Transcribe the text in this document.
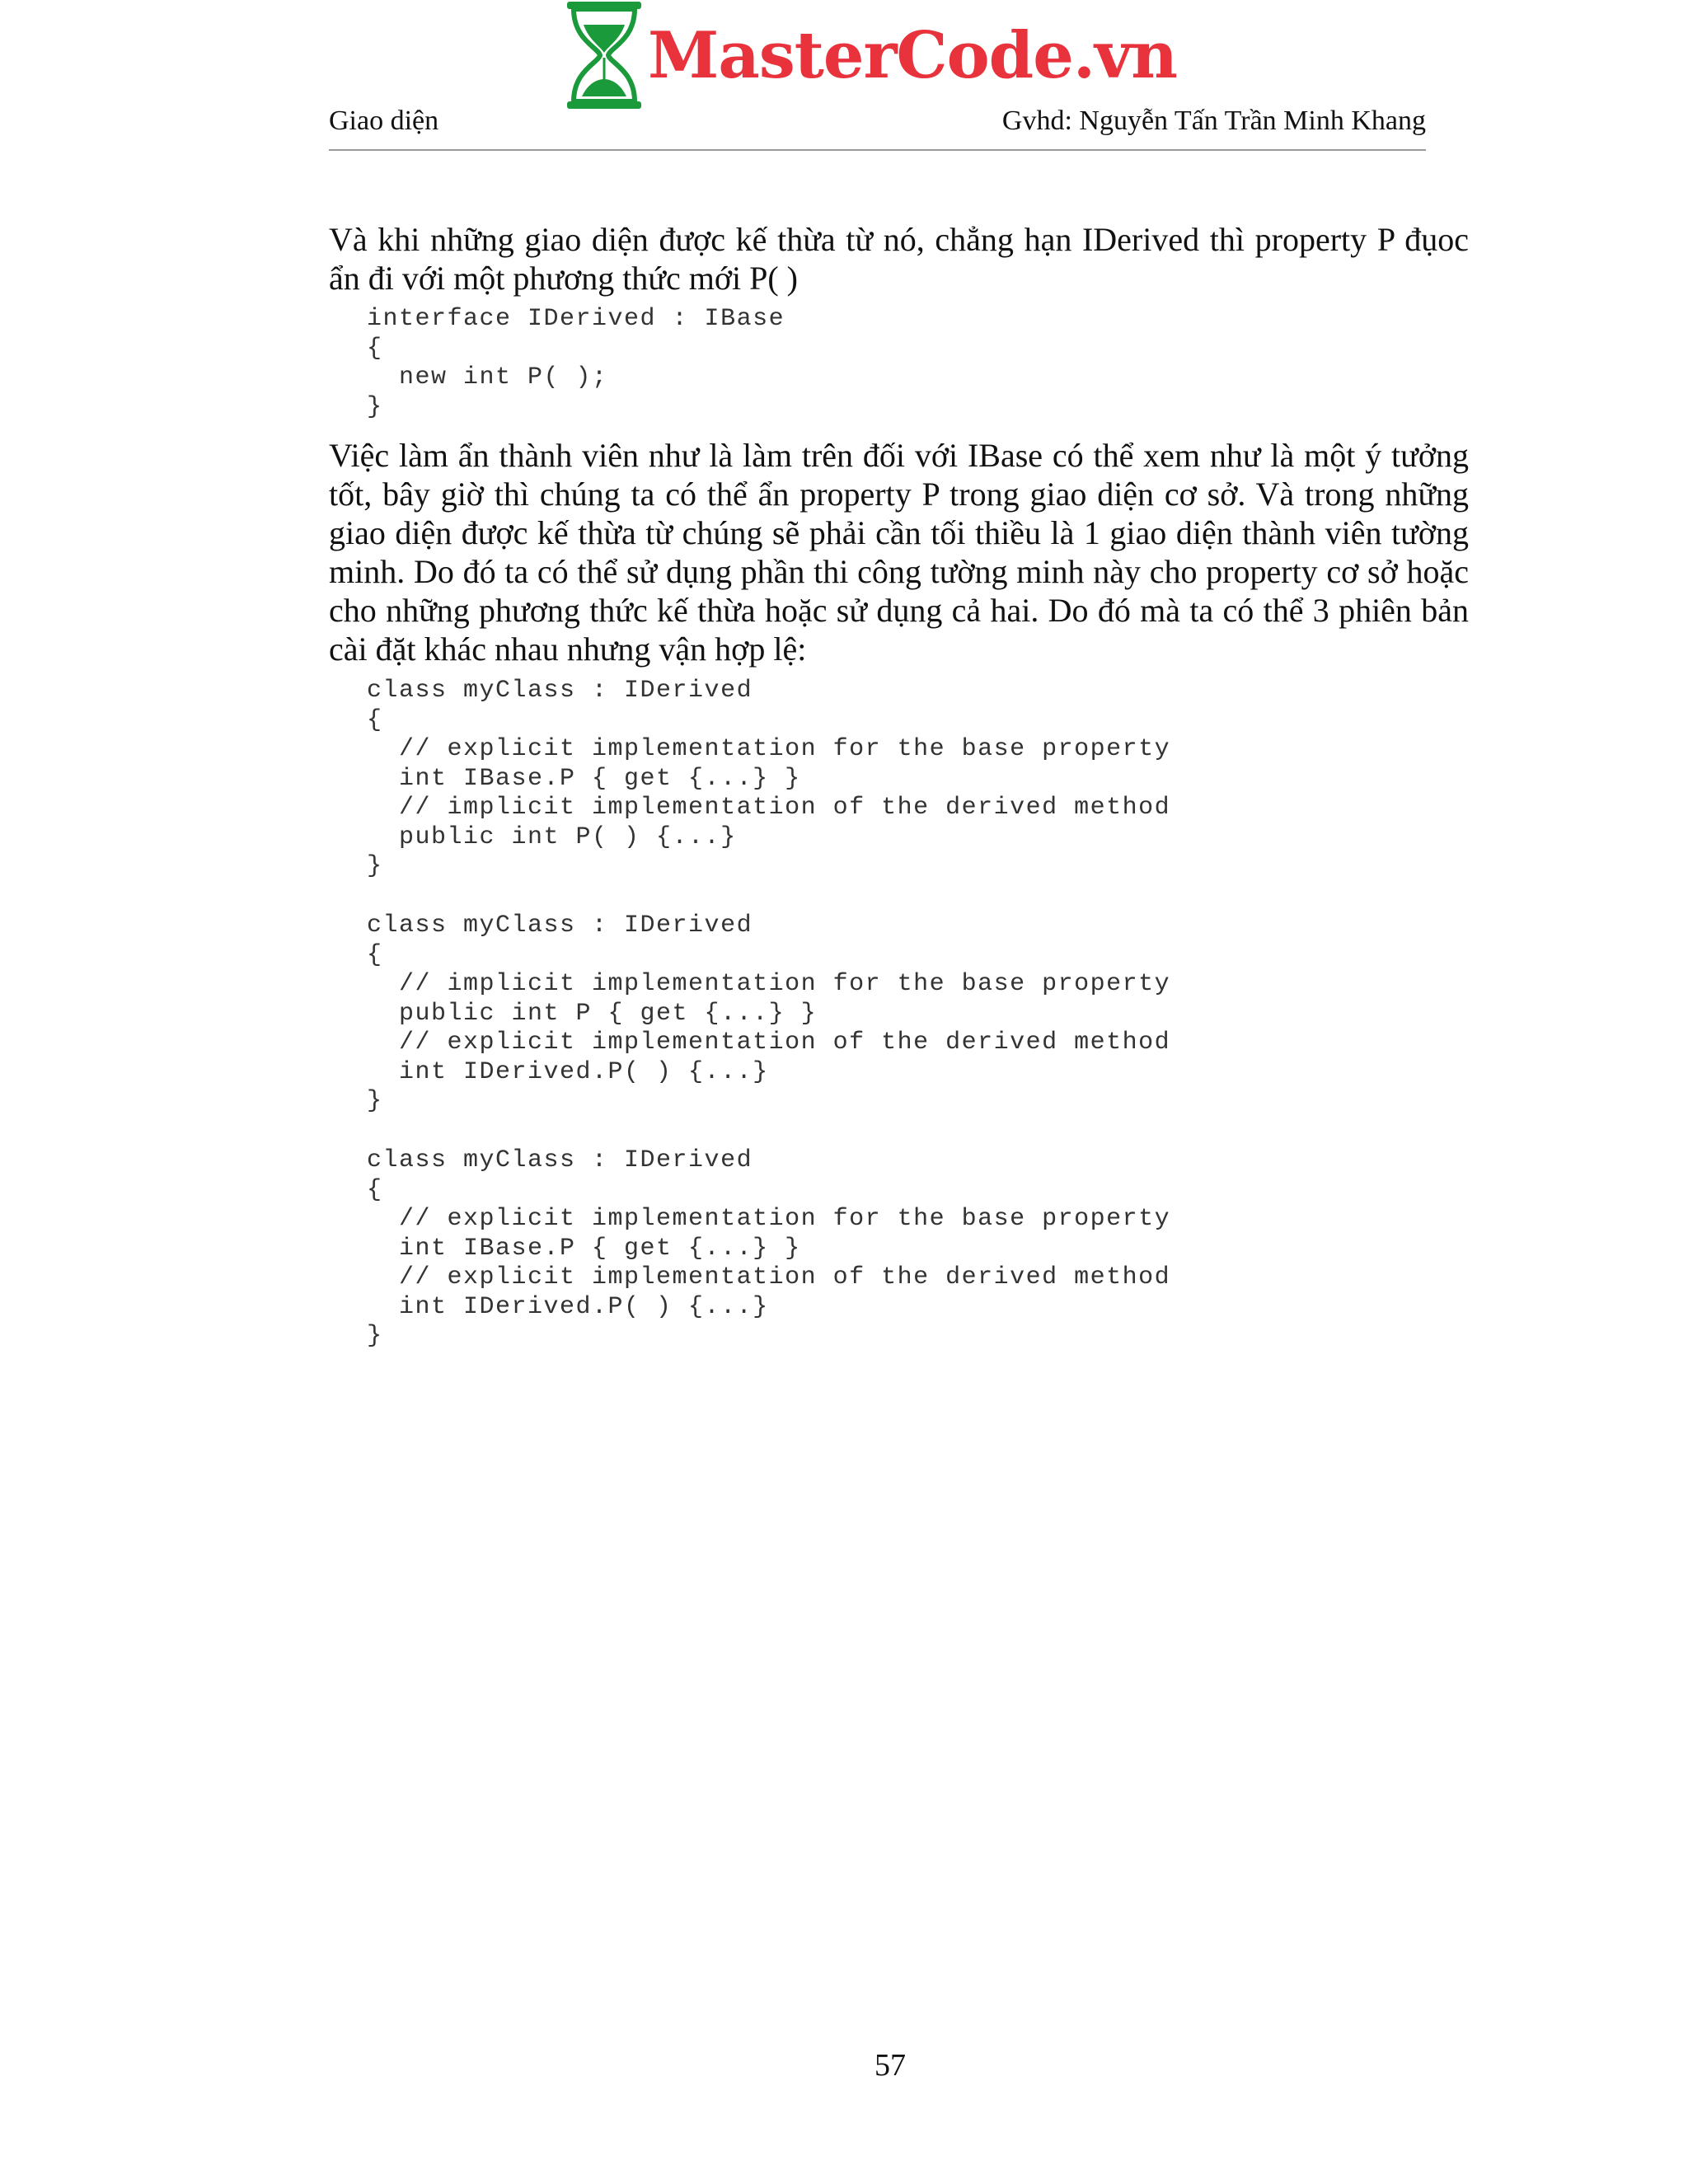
MasterCode.vn
Giao diện	Gvhd: Nguyễn Tấn Trần Minh Khang

Và khi những giao diện được kế thừa từ nó, chẳng hạn IDerived thì property P đụoc ẩn đi với một phương thức mới P( )

interface IDerived : IBase
{
new int P( );
}

Việc làm ẩn thành viên như là làm trên đối với IBase có thể xem như là một ý tưởng tốt, bây giờ thì chúng ta có thể ẩn property P trong giao diện cơ sở. Và trong những giao diện được kế thừa từ chúng sẽ phải cần tối thiều là 1 giao diện thành viên tường minh. Do đó ta có thể sử dụng phần thi công tường minh này cho property cơ sở hoặc cho những phương thức kế thừa hoặc sử dụng cả hai. Do đó mà ta có thể 3 phiên bản cài đặt khác nhau nhưng vận hợp lệ:

class myClass : IDerived
{
// explicit implementation for the base property
int IBase.P { get {...} }
// implicit implementation of the derived method
public int P( ) {...}
}
class myClass : IDerived
{
// implicit implementation for the base property
public int P { get {...} }
// explicit implementation of the derived method
int IDerived.P( ) {...}
}
class myClass : IDerived
{
// explicit implementation for the base property
int IBase.P { get {...} }
// explicit implementation of the derived method
int IDerived.P( ) {...}
}
57
